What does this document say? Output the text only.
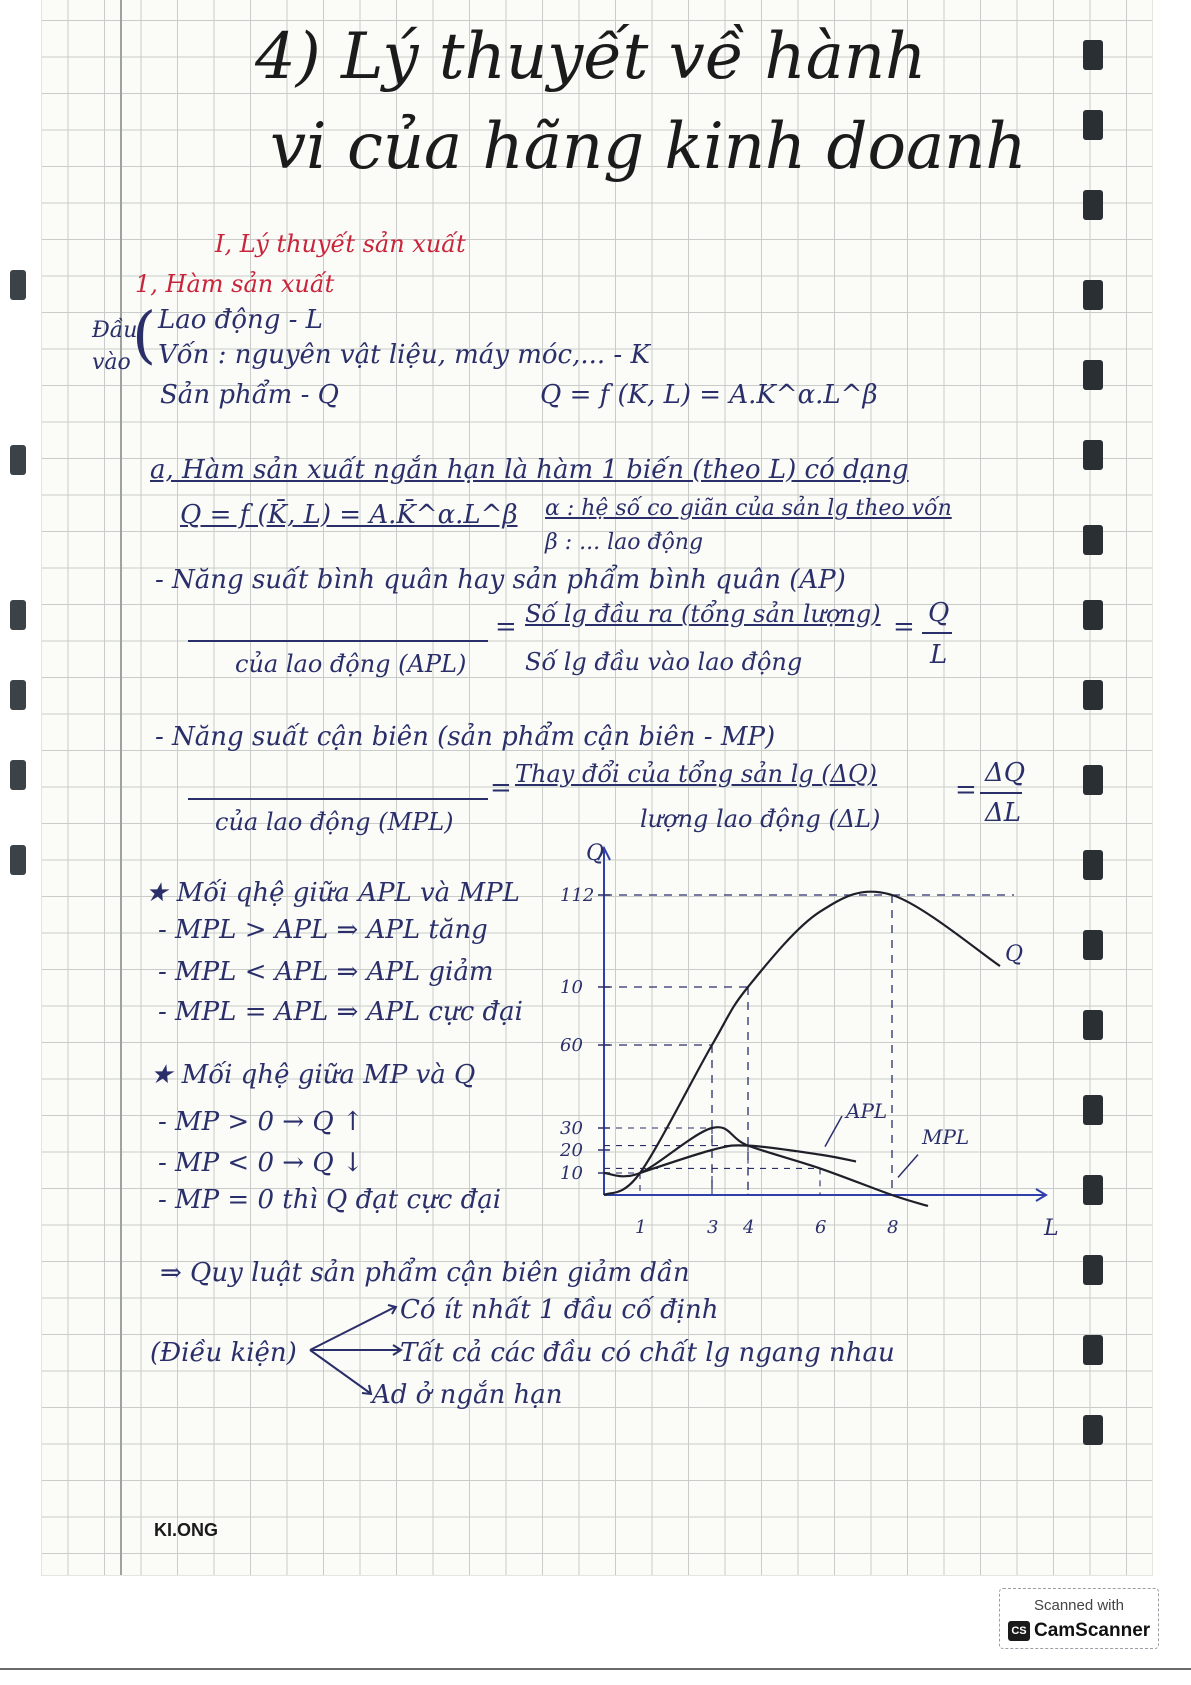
4) Lý thuyết về hành
vi của hãng kinh doanh
I, Lý thuyết sản xuất
1, Hàm sản xuất
Đầu
vào ( Lao động - L
Vốn : nguyên vật liệu, máy móc,... - K
Sản phẩm - Q	Q = f (K, L) = A.K^α.L^β
a, Hàm sản xuất ngắn hạn là hàm 1 biến (theo L) có dạng
Q = f (K̄, L) = A.K̄^α.L^β α : hệ số co giãn của sản lg theo vốn
β : ... lao động
- Năng suất bình quân hay sản phẩm bình quân (AP)
của lao động (APL)
= Số lg đầu ra (tổng sản lượng)
Số lg đầu vào lao động
= Q
L
- Năng suất cận biên (sản phẩm cận biên - MP)
của lao động (MPL)
= Thay đổi của tổng sản lg (ΔQ)
lượng lao động (ΔL)
=
ΔQ
ΔL
★ Mối qhệ giữa APL và MPL
- MPL > APL ⇒ APL tăng
- MPL < APL ⇒ APL giảm
- MPL = APL ⇒ APL cực đại
★ Mối qhệ giữa MP và Q
- MP > 0 → Q ↑
- MP < 0 → Q ↓
- MP = 0 thì Q đạt cực đại
Q
L
112
10
60
30
20
10
1	3 4	6	8
Q
APL
MPL
⇒ Quy luật sản phẩm cận biên giảm dần
(Điều kiện)
Có ít nhất 1 đầu cố định
Tất cả các đầu có chất lg ngang nhau
Ad ở ngắn hạn
KI.ONG
Scanned with
CS CamScanner
